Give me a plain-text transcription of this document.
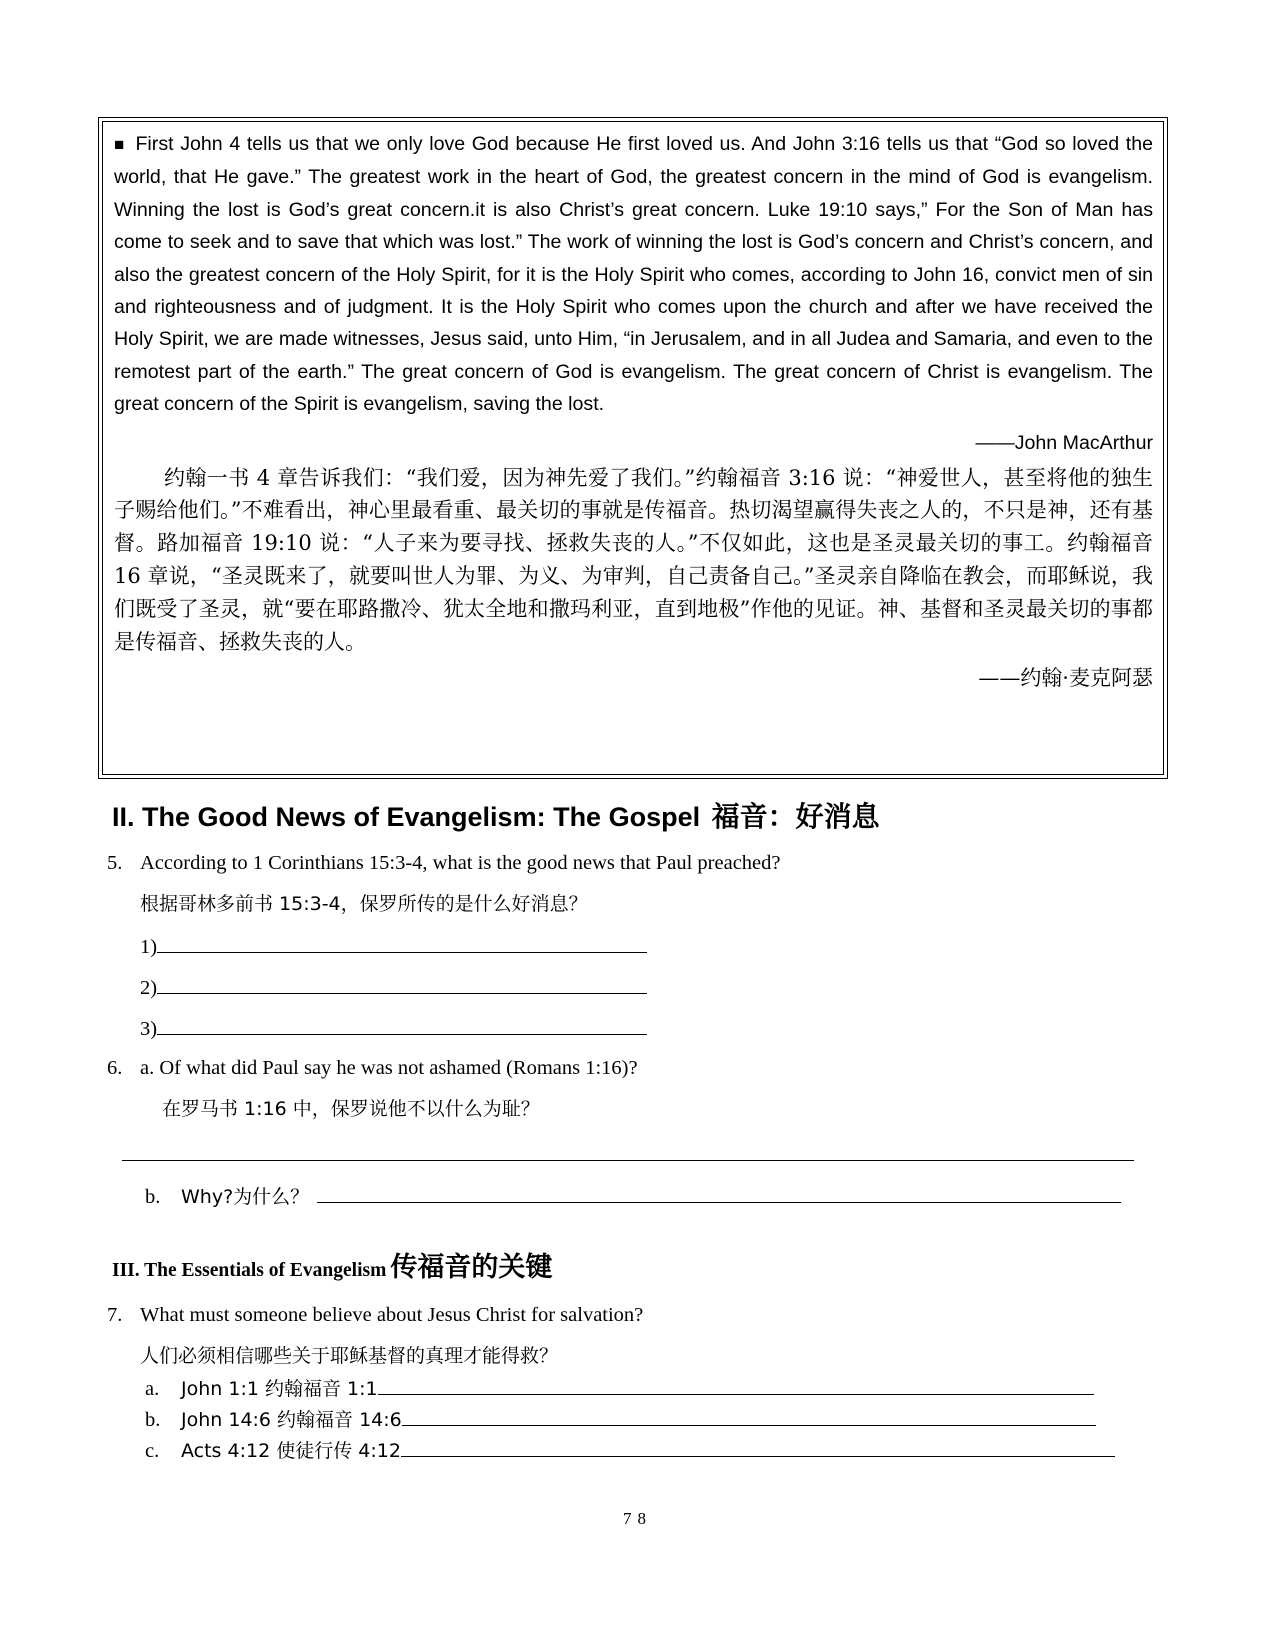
■ First John 4 tells us that we only love God because He first loved us. And John 3:16 tells us that “God so loved the world, that He gave.” The greatest work in the heart of God, the greatest concern in the mind of God is evangelism. Winning the lost is God’s great concern.it is also Christ’s great concern. Luke 19:10 says,” For the Son of Man has come to seek and to save that which was lost.” The work of winning the lost is God’s concern and Christ’s concern, and also the greatest concern of the Holy Spirit, for it is the Holy Spirit who comes, according to John 16, convict men of sin and righteousness and of judgment. It is the Holy Spirit who comes upon the church and after we have received the Holy Spirit, we are made witnesses, Jesus said, unto Him, “in Jerusalem, and in all Judea and Samaria, and even to the remotest part of the earth.” The great concern of God is evangelism. The great concern of Christ is evangelism. The great concern of the Spirit is evangelism, saving the lost.

——John MacArthur

约翰一书 4 章告诉我们：“我们爱，因为神先爱了我们。”约翰福音 3:16 说：“神爱世人，甚至将他的独生子赐给他们。”不难看出，神心里最看重、最关切的事就是传福音。热切渴望赢得失丧之人的，不只是神，还有基督。路加福音 19:10 说：“人子来为要寻找、拯救失丧的人。”不仅如此，这也是圣灵最关切的事工。约翰福音 16 章说，“圣灵既来了，就要叫世人为罪、为义、为审判，自己责备自己。”圣灵亲自降临在教会，而耶稣说，我们既受了圣灵，就“要在耶路撒冷、犹太全地和撒玛利亚，直到地极”作他的见证。神、基督和圣灵最关切的事都是传福音、拯救失丧的人。

——约翰·麦克阿瑟

II. The Good News of Evangelism: The Gospel 福音：好消息

5. According to 1 Corinthians 15:3-4, what is the good news that Paul preached?

根据哥林多前书 15:3-4，保罗所传的是什么好消息？

1)

2)

3)

6. a. Of what did Paul say he was not ashamed (Romans 1:16)?

在罗马书 1:16 中，保罗说他不以什么为耻？

b. Why?为什么？

III. The Essentials of Evangelism 传福音的关键

7. What must someone believe about Jesus Christ for salvation?

人们必须相信哪些关于耶稣基督的真理才能得救？

a. John 1:1 约翰福音 1:1

b. John 14:6 约翰福音 14:6

c. Acts 4:12 使徒行传 4:12

78
